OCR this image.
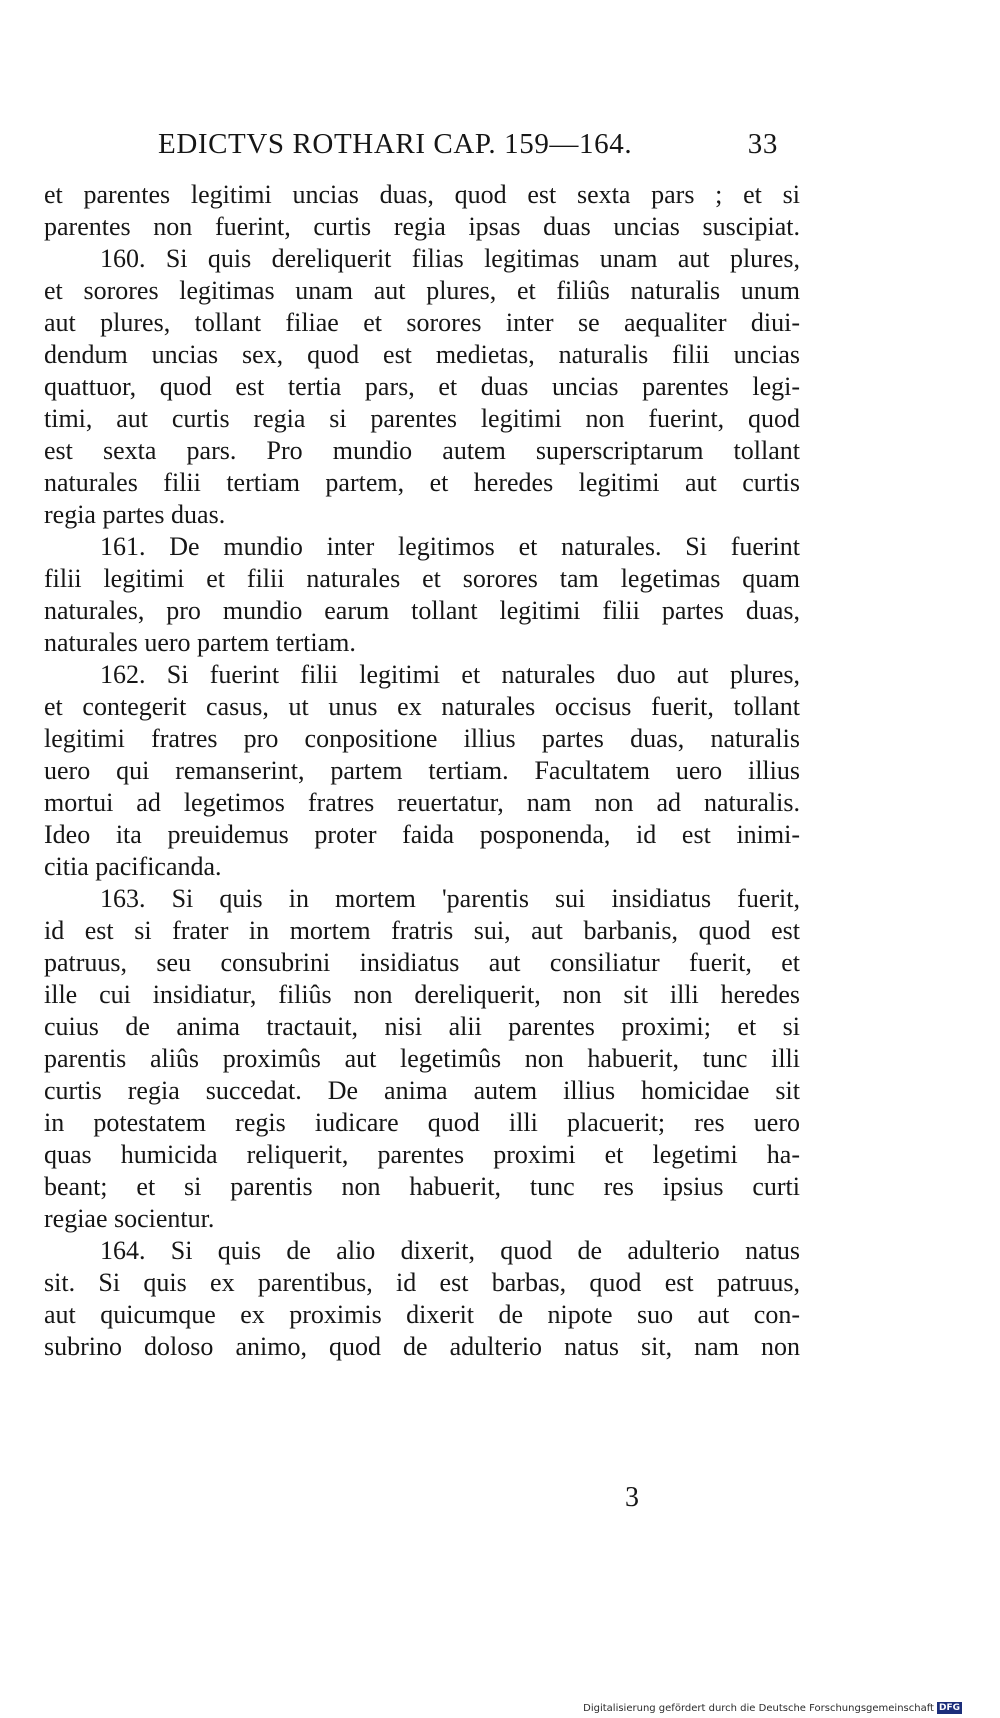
EDICTVS ROTHARI CAP. 159—164.	33
et parentes legitimi uncias duas, quod est sexta pars ; et si
parentes non fuerint, curtis regia ipsas duas uncias suscipiat.
160. Si quis dereliquerit filias legitimas unam aut plures,
et sorores legitimas unam aut plures, et filiûs naturalis unum
aut plures, tollant filiae et sorores inter se aequaliter diui-
dendum uncias sex, quod est medietas, naturalis filii uncias
quattuor, quod est tertia pars, et duas uncias parentes legi-
timi, aut curtis regia si parentes legitimi non fuerint, quod
est sexta pars. Pro mundio autem superscriptarum tollant
naturales filii tertiam partem, et heredes legitimi aut curtis
regia partes duas.
161. De mundio inter legitimos et naturales. Si fuerint
filii legitimi et filii naturales et sorores tam legetimas quam
naturales, pro mundio earum tollant legitimi filii partes duas,
naturales uero partem tertiam.
162. Si fuerint filii legitimi et naturales duo aut plures,
et contegerit casus, ut unus ex naturales occisus fuerit, tollant
legitimi fratres pro conpositione illius partes duas, naturalis
uero qui remanserint, partem tertiam. Facultatem uero illius
mortui ad legetimos fratres reuertatur, nam non ad naturalis.
Ideo ita preuidemus proter faida posponenda, id est inimi-
citia pacificanda.
163. Si quis in mortem 'parentis sui insidiatus fuerit,
id est si frater in mortem fratris sui, aut barbanis, quod est
patruus, seu consubrini insidiatus aut consiliatur fuerit, et
ille cui insidiatur, filiûs non dereliquerit, non sit illi heredes
cuius de anima tractauit, nisi alii parentes proximi; et si
parentis aliûs proximûs aut legetimûs non habuerit, tunc illi
curtis regia succedat. De anima autem illius homicidae sit
in potestatem regis iudicare quod illi placuerit; res uero
quas humicida reliquerit, parentes proximi et legetimi ha-
beant; et si parentis non habuerit, tunc res ipsius curti
regiae socientur.
164. Si quis de alio dixerit, quod de adulterio natus
sit. Si quis ex parentibus, id est barbas, quod est patruus,
aut quicumque ex proximis dixerit de nipote suo aut con-
subrino doloso animo, quod de adulterio natus sit, nam non
3
Digitalisierung gefördert durch die Deutsche Forschungsgemeinschaft DFG
